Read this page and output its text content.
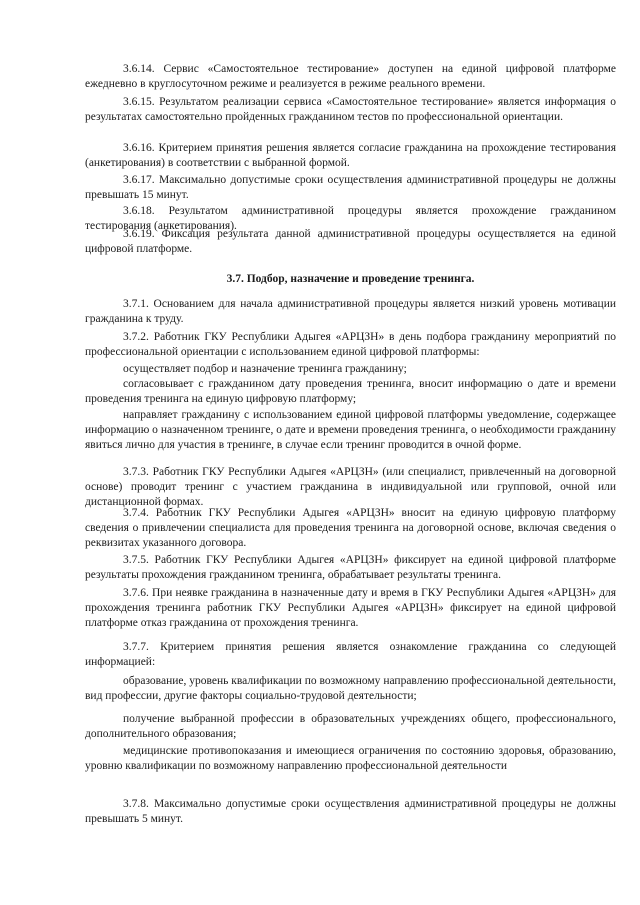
3.6.14. Сервис «Самостоятельное тестирование» доступен на единой цифровой платформе ежедневно в круглосуточном режиме и реализуется в режиме реального времени.

3.6.15. Результатом реализации сервиса «Самостоятельное тестирование» является информация о результатах самостоятельно пройденных гражданином тестов по профессиональной ориентации.

3.6.16. Критерием принятия решения является согласие гражданина на прохождение тестирования (анкетирования) в соответствии с выбранной формой.

3.6.17. Максимально допустимые сроки осуществления административной процедуры не должны превышать 15 минут.

3.6.18. Результатом административной процедуры является прохождение гражданином тестирования (анкетирования).

3.6.19. Фиксация результата данной административной процедуры осуществляется на единой цифровой платформе.

3.7. Подбор, назначение и проведение тренинга.

3.7.1. Основанием для начала административной процедуры является низкий уровень мотивации гражданина к труду.

3.7.2. Работник ГКУ Республики Адыгея «АРЦЗН» в день подбора гражданину мероприятий по профессиональной ориентации с использованием единой цифровой платформы:

осуществляет подбор и назначение тренинга гражданину;

согласовывает с гражданином дату проведения тренинга, вносит информацию о дате и времени проведения тренинга на единую цифровую платформу;

направляет гражданину с использованием единой цифровой платформы уведомление, содержащее информацию о назначенном тренинге, о дате и времени проведения тренинга, о необходимости гражданину явиться лично для участия в тренинге, в случае если тренинг проводится в очной форме.

3.7.3. Работник ГКУ Республики Адыгея «АРЦЗН» (или специалист, привлеченный на договорной основе) проводит тренинг с участием гражданина в индивидуальной или групповой, очной или дистанционной формах.

3.7.4. Работник ГКУ Республики Адыгея «АРЦЗН» вносит на единую цифровую платформу сведения о привлечении специалиста для проведения тренинга на договорной основе, включая сведения о реквизитах указанного договора.

3.7.5. Работник ГКУ Республики Адыгея «АРЦЗН» фиксирует на единой цифровой платформе результаты прохождения гражданином тренинга, обрабатывает результаты тренинга.

3.7.6. При неявке гражданина в назначенные дату и время в ГКУ Республики Адыгея «АРЦЗН» для прохождения тренинга работник ГКУ Республики Адыгея «АРЦЗН» фиксирует на единой цифровой платформе отказ гражданина от прохождения тренинга.

3.7.7. Критерием принятия решения является ознакомление гражданина со следующей информацией:

образование, уровень квалификации по возможному направлению профессиональной деятельности, вид профессии, другие факторы социально-трудовой деятельности;

получение выбранной профессии в образовательных учреждениях общего, профессионального, дополнительного образования;

медицинские противопоказания и имеющиеся ограничения по состоянию здоровья, образованию, уровню квалификации по возможному направлению профессиональной деятельности

3.7.8. Максимально допустимые сроки осуществления административной процедуры не должны превышать 5 минут.
